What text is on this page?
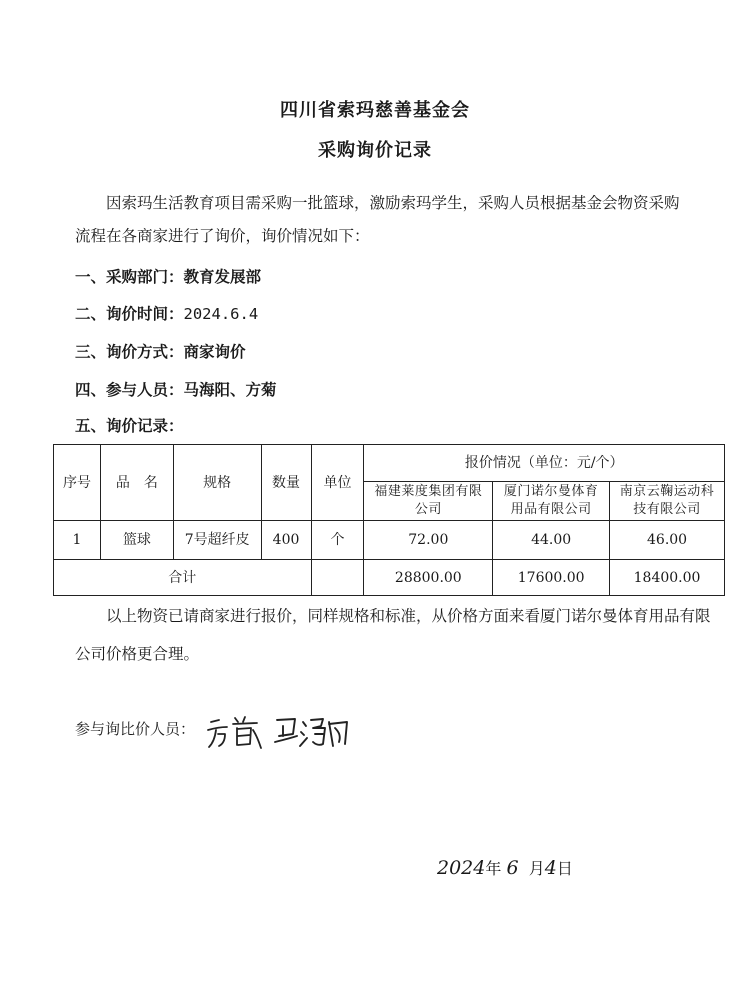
四川省索玛慈善基金会
采购询价记录
因索玛生活教育项目需采购一批篮球，激励索玛学生，采购人员根据基金会物资采购流程在各商家进行了询价，询价情况如下：
一、采购部门：教育发展部
二、询价时间：2024.6.4
三、询价方式：商家询价
四、参与人员：马海阳、方菊
五、询价记录：
序号	品　名	规格	数量	单位	报价情况（单位：元/个）		
					福建莱度集团有限公司	厦门诺尔曼体育用品有限公司	南京云鞠运动科技有限公司
1	篮球	7号超纤皮	400	个	72.00	44.00	46.00
合计					28800.00	17600.00	18400.00
以上物资已请商家进行报价，同样规格和标准，从价格方面来看厦门诺尔曼体育用品有限公司价格更合理。
参与询比价人员：
2024年 6 月4日
